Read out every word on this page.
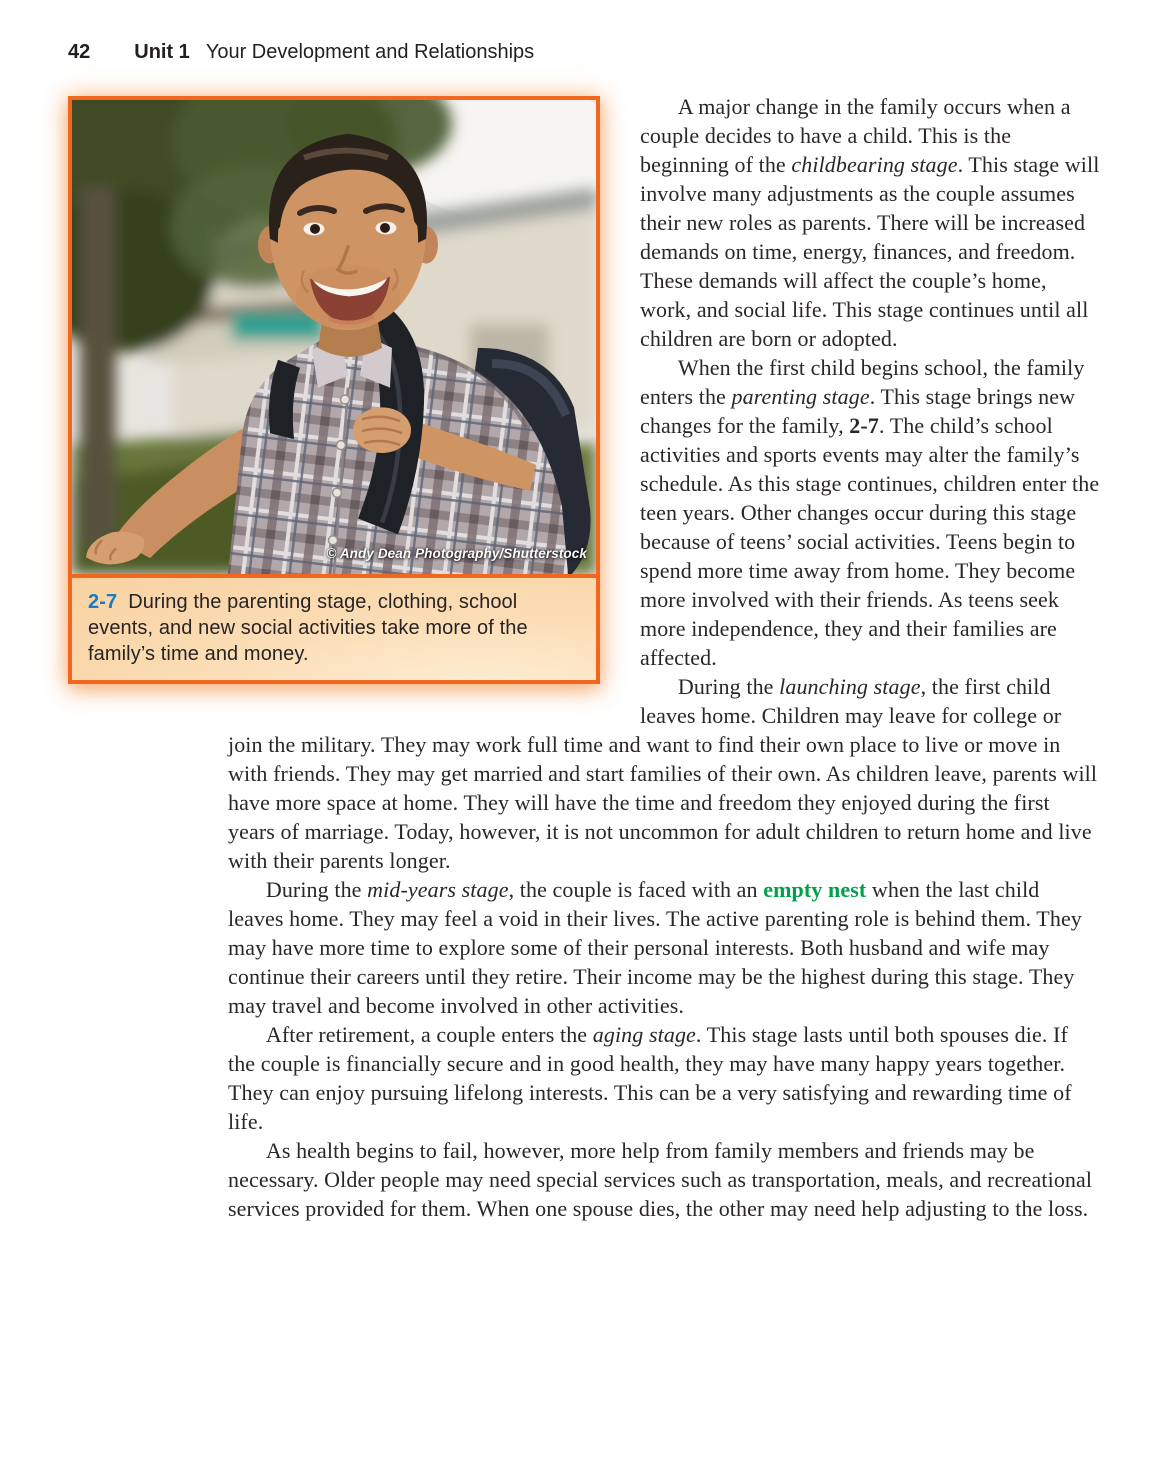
42 Unit 1 Your Development and Relationships
© Andy Dean Photography/Shutterstock
2-7 During the parenting stage, clothing, school events, and new social activities take more of the family’s time and money.

A major change in the family occurs when a couple decides to have a child. This is the beginning of the childbearing stage. This stage will involve many adjustments as the couple assumes their new roles as parents. There will be increased demands on time, energy, finances, and freedom. These demands will affect the couple’s home, work, and social life. This stage continues until all children are born or adopted.

When the first child begins school, the family enters the parenting stage. This stage brings new changes for the family, 2-7. The child’s school activities and sports events may alter the family’s schedule. As this stage continues, children enter the teen years. Other changes occur during this stage because of teens’ social activities. Teens begin to spend more time away from home. They become more involved with their friends. As teens seek more independence, they and their families are affected.

During the launching stage, the first child leaves home. Children may leave for college or join the military. They may work full time and want to find their own place to live or move in with friends. They may get married and start families of their own. As children leave, parents will have more space at home. They will have the time and freedom they enjoyed during the first years of marriage. Today, however, it is not uncommon for adult children to return home and live with their parents longer.

During the mid-years stage, the couple is faced with an empty nest when the last child leaves home. They may feel a void in their lives. The active parenting role is behind them. They may have more time to explore some of their personal interests. Both husband and wife may continue their careers until they retire. Their income may be the highest during this stage. They may travel and become involved in other activities.

After retirement, a couple enters the aging stage. This stage lasts until both spouses die. If the couple is financially secure and in good health, they may have many happy years together. They can enjoy pursuing lifelong interests. This can be a very satisfying and rewarding time of life.

As health begins to fail, however, more help from family members and friends may be necessary. Older people may need special services such as transportation, meals, and recreational services provided for them. When one spouse dies, the other may need help adjusting to the loss.
